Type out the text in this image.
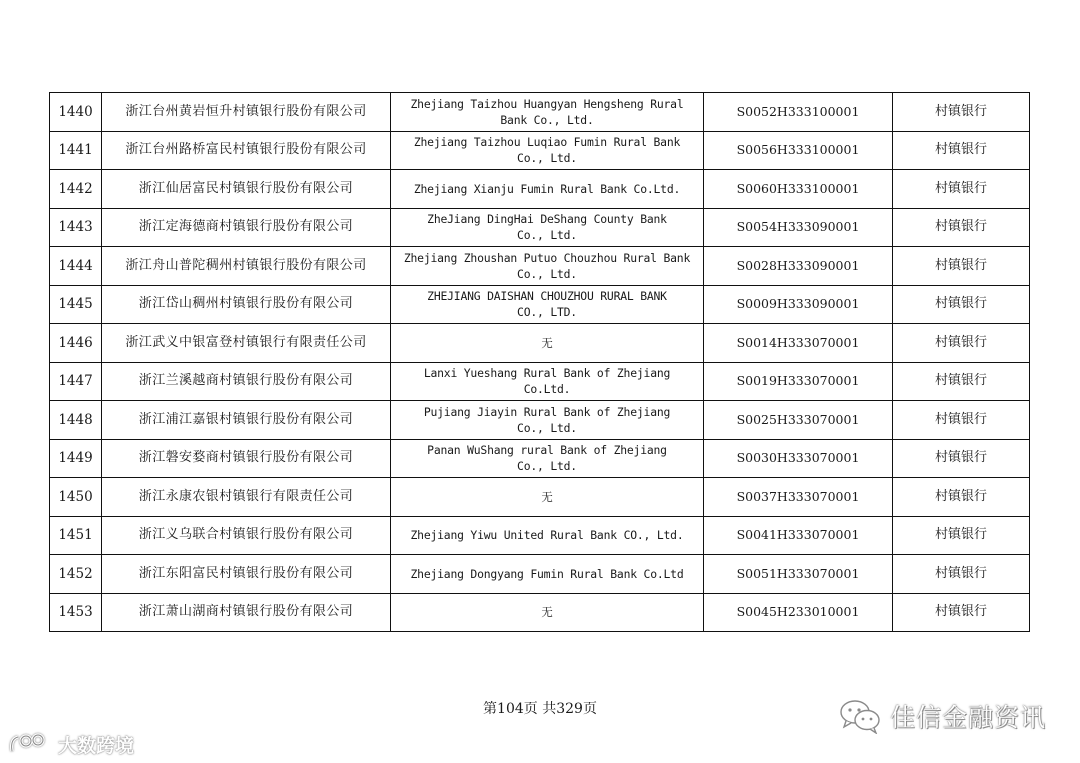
1440	浙江台州黄岩恒升村镇银行股份有限公司	Zhejiang Taizhou Huangyan Hengsheng Rural
Bank Co., Ltd.	S0052H333100001	村镇银行
1441	浙江台州路桥富民村镇银行股份有限公司	Zhejiang Taizhou Luqiao Fumin Rural Bank
Co., Ltd.	S0056H333100001	村镇银行
1442	浙江仙居富民村镇银行股份有限公司	Zhejiang Xianju Fumin Rural Bank Co.Ltd.	S0060H333100001	村镇银行
1443	浙江定海德商村镇银行股份有限公司	ZheJiang DingHai DeShang County Bank
Co., Ltd.	S0054H333090001	村镇银行
1444	浙江舟山普陀稠州村镇银行股份有限公司	Zhejiang Zhoushan Putuo Chouzhou Rural Bank
Co., Ltd.	S0028H333090001	村镇银行
1445	浙江岱山稠州村镇银行股份有限公司	ZHEJIANG DAISHAN CHOUZHOU RURAL BANK
CO., LTD.	S0009H333090001	村镇银行
1446	浙江武义中银富登村镇银行有限责任公司	无	S0014H333070001	村镇银行
1447	浙江兰溪越商村镇银行股份有限公司	Lanxi Yueshang Rural Bank of Zhejiang
Co.Ltd.	S0019H333070001	村镇银行
1448	浙江浦江嘉银村镇银行股份有限公司	Pujiang Jiayin Rural Bank of Zhejiang
Co., Ltd.	S0025H333070001	村镇银行
1449	浙江磐安婺商村镇银行股份有限公司	Panan WuShang rural Bank of Zhejiang
Co., Ltd.	S0030H333070001	村镇银行
1450	浙江永康农银村镇银行有限责任公司	无	S0037H333070001	村镇银行
1451	浙江义乌联合村镇银行股份有限公司	Zhejiang Yiwu United Rural Bank CO., Ltd.	S0041H333070001	村镇银行
1452	浙江东阳富民村镇银行股份有限公司	Zhejiang Dongyang Fumin Rural Bank Co.Ltd	S0051H333070001	村镇银行
1453	浙江萧山湖商村镇银行股份有限公司	无	S0045H233010001	村镇银行
第104页 共329页
大数跨境
佳信金融资讯
